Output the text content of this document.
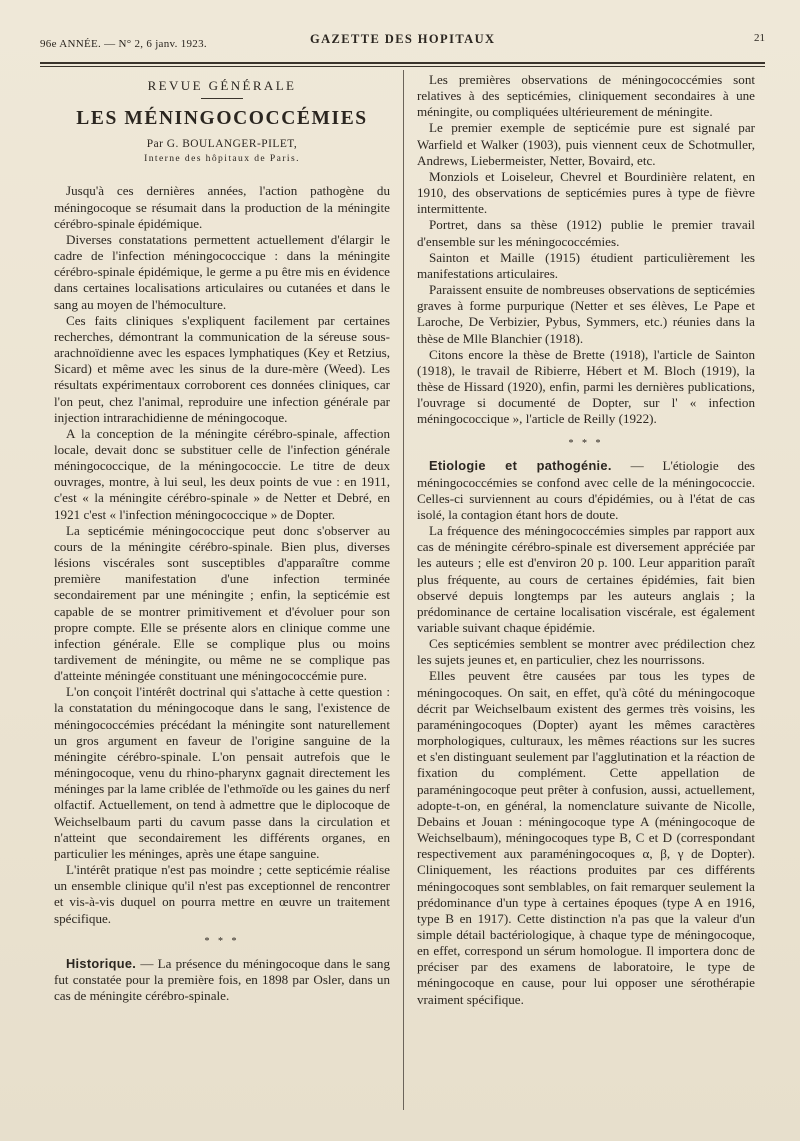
96e ANNÉE. — N° 2, 6 janv. 1923.	GAZETTE DES HOPITAUX	21
REVUE GÉNÉRALE
LES MÉNINGOCOCCÉMIES
Par G. BOULANGER-PILET,
Interne des hôpitaux de Paris.

Jusqu'à ces dernières années, l'action pathogène du méningocoque se résumait dans la production de la méningite cérébro-spinale épidémique.

Diverses constatations permettent actuellement d'élargir le cadre de l'infection méningococcique : dans la méningite cérébro-spinale épidémique, le germe a pu être mis en évidence dans certaines localisations articulaires ou cutanées et dans le sang au moyen de l'hémoculture.

Ces faits cliniques s'expliquent facilement par certaines recherches, démontrant la communication de la séreuse sous-arachnoïdienne avec les espaces lymphatiques (Key et Retzius, Sicard) et même avec les sinus de la dure-mère (Weed). Les résultats expérimentaux corroborent ces données cliniques, car l'on peut, chez l'animal, reproduire une infection générale par injection intrarachidienne de méningocoque.

A la conception de la méningite cérébro-spinale, affection locale, devait donc se substituer celle de l'infection générale méningococcique, de la méningococcie. Le titre de deux ouvrages, montre, à lui seul, les deux points de vue : en 1911, c'est « la méningite cérébro-spinale » de Netter et Debré, en 1921 c'est « l'infection méningococcique » de Dopter.

La septicémie méningococcique peut donc s'observer au cours de la méningite cérébro-spinale. Bien plus, diverses lésions viscérales sont susceptibles d'apparaître comme première manifestation d'une infection terminée secondairement par une méningite ; enfin, la septicémie est capable de se montrer primitivement et d'évoluer pour son propre compte. Elle se présente alors en clinique comme une infection générale. Elle se complique plus ou moins tardivement de méningite, ou même ne se complique pas d'atteinte méningée constituant une méningococcémie pure.

L'on conçoit l'intérêt doctrinal qui s'attache à cette question : la constatation du méningocoque dans le sang, l'existence de méningococcémies précédant la méningite sont naturellement un gros argument en faveur de l'origine sanguine de la méningite cérébro-spinale. L'on pensait autrefois que le méningocoque, venu du rhino-pharynx gagnait directement les méninges par la lame criblée de l'ethmoïde ou les gaines du nerf olfactif. Actuellement, on tend à admettre que le diplocoque de Weichselbaum parti du cavum passe dans la circulation et n'atteint que secondairement les différents organes, en particulier les méninges, après une étape sanguine.

L'intérêt pratique n'est pas moindre ; cette septicémie réalise un ensemble clinique qu'il n'est pas exceptionnel de rencontrer et vis-à-vis duquel on pourra mettre en œuvre un traitement spécifique.

* * *

Historique. — La présence du méningocoque dans le sang fut constatée pour la première fois, en 1898 par Osler, dans un cas de méningite cérébro-spinale.

Les premières observations de méningococcémies sont relatives à des septicémies, cliniquement secondaires à une méningite, ou compliquées ultérieurement de méningite.

Le premier exemple de septicémie pure est signalé par Warfield et Walker (1903), puis viennent ceux de Schotmuller, Andrews, Liebermeister, Netter, Bovaird, etc.

Monziols et Loiseleur, Chevrel et Bourdinière relatent, en 1910, des observations de septicémies pures à type de fièvre intermittente.

Portret, dans sa thèse (1912) publie le premier travail d'ensemble sur les méningococcémies.

Sainton et Maille (1915) étudient particulièrement les manifestations articulaires.

Paraissent ensuite de nombreuses observations de septicémies graves à forme purpurique (Netter et ses élèves, Le Pape et Laroche, De Verbizier, Pybus, Symmers, etc.) réunies dans la thèse de Mlle Blanchier (1918).

Citons encore la thèse de Brette (1918), l'article de Sainton (1918), le travail de Ribierre, Hébert et M. Bloch (1919), la thèse de Hissard (1920), enfin, parmi les dernières publications, l'ouvrage si documenté de Dopter, sur l' « infection méningococcique », l'article de Reilly (1922).

* * *

Etiologie et pathogénie. — L'étiologie des méningococcémies se confond avec celle de la méningococcie. Celles-ci surviennent au cours d'épidémies, ou à l'état de cas isolé, la contagion étant hors de doute.

La fréquence des méningococcémies simples par rapport aux cas de méningite cérébro-spinale est diversement appréciée par les auteurs ; elle est d'environ 20 p. 100. Leur apparition paraît plus fréquente, au cours de certaines épidémies, fait bien observé depuis longtemps par les auteurs anglais ; la prédominance de certaine localisation viscérale, est également variable suivant chaque épidémie.

Ces septicémies semblent se montrer avec prédilection chez les sujets jeunes et, en particulier, chez les nourrissons.

Elles peuvent être causées par tous les types de méningocoques. On sait, en effet, qu'à côté du méningocoque décrit par Weichselbaum existent des germes très voisins, les paraméningocoques (Dopter) ayant les mêmes caractères morphologiques, culturaux, les mêmes réactions sur les sucres et s'en distinguant seulement par l'agglutination et la réaction de fixation du complément. Cette appellation de paraméningocoque peut prêter à confusion, aussi, actuellement, adopte-t-on, en général, la nomenclature suivante de Nicolle, Debains et Jouan : méningocoque type A (méningocoque de Weichselbaum), méningocoques type B, C et D (correspondant respectivement aux paraméningocoques α, β, γ de Dopter). Cliniquement, les réactions produites par ces différents méningocoques sont semblables, on fait remarquer seulement la prédominance d'un type à certaines époques (type A en 1916, type B en 1917). Cette distinction n'a pas que la valeur d'un simple détail bactériologique, à chaque type de méningocoque, en effet, correspond un sérum homologue. Il importera donc de préciser par des examens de laboratoire, le type de méningocoque en cause, pour lui opposer une sérothérapie vraiment spécifique.
